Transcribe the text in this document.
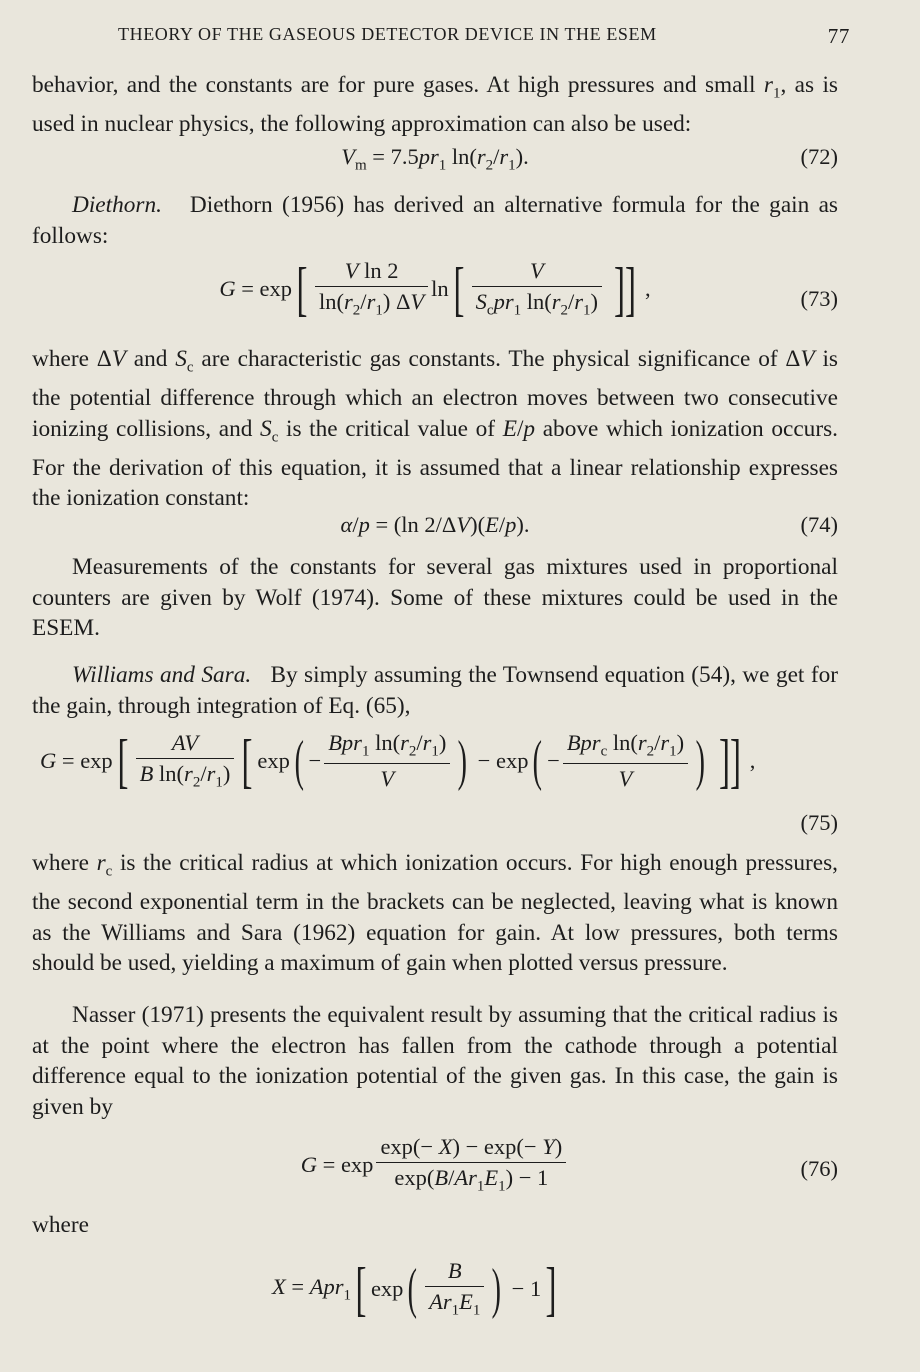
THEORY OF THE GASEOUS DETECTOR DEVICE IN THE ESEM	77

behavior, and the constants are for pure gases. At high pressures and small $r_1$, as is used in nuclear physics, the following approximation can also be used:

$V_m = 7.5pr_1$ $\ln(r_2/r_1)$.	(72)

Diethorn. Diethorn (1956) has derived an alternative formula for the gain as follows:

$G = \exp[ \frac{\text{V ln 2}}{\ln(r_2/r_1) \Delta V} \ln[ \frac{V}{S_cpr_1 \ln(r_2/r_1)}$ ]] ,	(73)

where ΔV and $S_c$ are characteristic gas constants. The physical significance of ΔV is the potential difference through which an electron moves between two consecutive ionizing collisions, and $S_c$ is the critical value of E/p above which ionization occurs. For the derivation of this equation, it is assumed that a linear relationship expresses the ionization constant:

α/p = (ln 2/ΔV)(E/p).	(74)

Measurements of the constants for several gas mixtures used in proportional counters are given by Wolf (1974). Some of these mixtures could be used in the ESEM.

Williams and Sara. By simply assuming the Townsend equation (54), we get for the gain, through integration of Eq. (65),

$G = \exp[ \frac{AV}{B \ln(r_2/r_1)}$ [ $\exp( - \frac{Bpr_1 \ln(r_2/r_1)}{V}$ ) − $\exp( - \frac{Bpr_c \ln(r_2/r_1)}{V}$ ) ]] ,
(75)

where $r_c$ is the critical radius at which ionization occurs. For high enough pressures, the second exponential term in the brackets can be neglected, leaving what is known as the Williams and Sara (1962) equation for gain. At low pressures, both terms should be used, yielding a maximum of gain when plotted versus pressure.

Nasser (1971) presents the equivalent result by assuming that the critical radius is at the point where the electron has fallen from the cathode through a potential difference equal to the ionization potential of the given gas. In this case, the gain is given by

$G = \exp \frac{\exp(- X) - \exp(- Y)}{\exp(B/Ar_1E_1) - 1}$	(76)

where

X = Apr$_1$[ $\exp( \frac{B}{Ar_1E_1}$ ) − 1]
